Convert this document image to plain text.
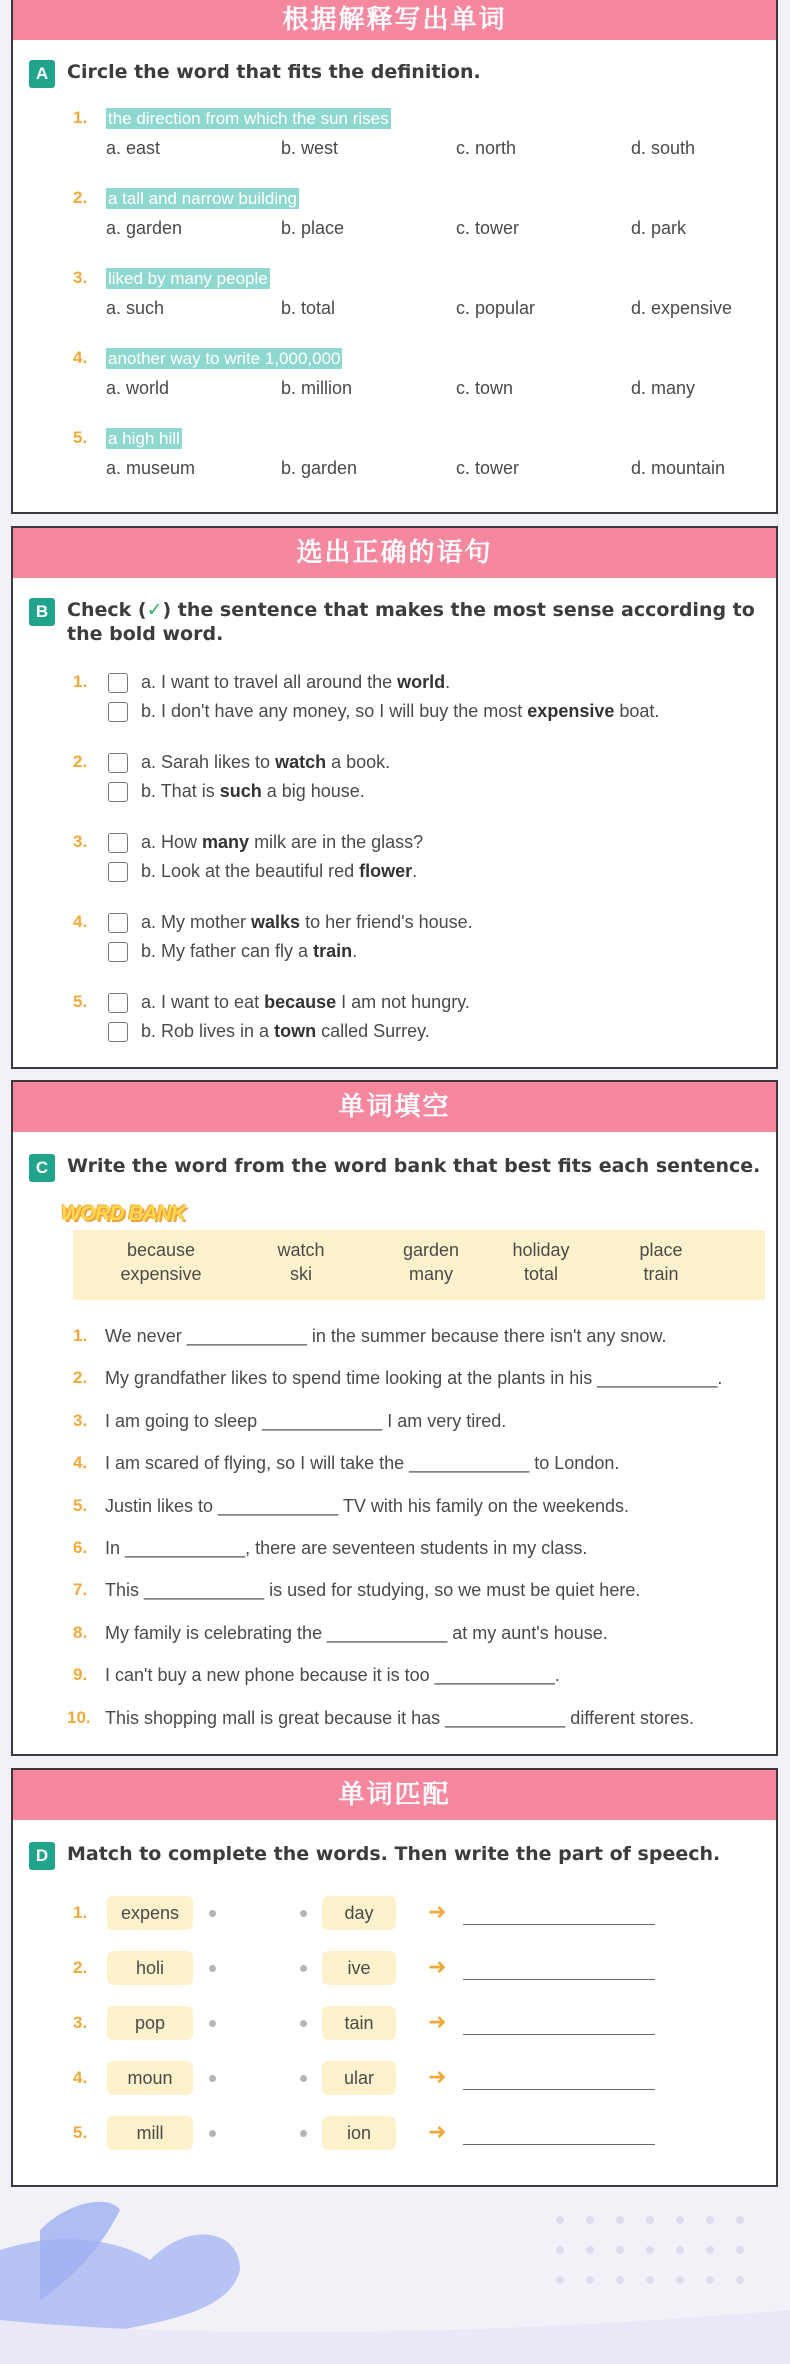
根据解释写出单词
A Circle the word that fits the definition.
1. the direction from which the sun rises
a. east	b. west	c. north	d. south
2. a tall and narrow building
a. garden	b. place	c. tower	d. park
3. liked by many people
a. such	b. total	c. popular	d. expensive
4. another way to write 1,000,000
a. world	b. million	c. town	d. many
5. a high hill
a. museum	b. garden	c. tower	d. mountain
选出正确的语句
B Check (✓) the sentence that makes the most sense according to the bold word.
1.	a. I want to travel all around the world.
b. I don't have any money, so I will buy the most expensive boat.
2.	a. Sarah likes to watch a book.
b. That is such a big house.
3.	a. How many milk are in the glass?
b. Look at the beautiful red flower.
4.	a. My mother walks to her friend's house.
b. My father can fly a train.
5.	a. I want to eat because I am not hungry.
b. Rob lives in a town called Surrey.
单词填空
C Write the word from the word bank that best fits each sentence.
WORD BANK
because	watch	garden	holiday	place
expensive	ski	many	total	train
1. We never ____________ in the summer because there isn't any snow.
2. My grandfather likes to spend time looking at the plants in his ____________.
3. I am going to sleep ____________ I am very tired.
4. I am scared of flying, so I will take the ____________ to London.
5. Justin likes to ____________ TV with his family on the weekends.
6. In ____________, there are seventeen students in my class.
7. This ____________ is used for studying, so we must be quiet here.
8. My family is celebrating the ____________ at my aunt's house.
9. I can't buy a new phone because it is too ____________.
10. This shopping mall is great because it has ____________ different stores.
单词匹配
D Match to complete the words. Then write the part of speech.
1.	expens	day	➜
2.	holi	ive	➜
3.	pop	tain	➜
4.	moun	ular	➜
5.	mill	ion	➜
